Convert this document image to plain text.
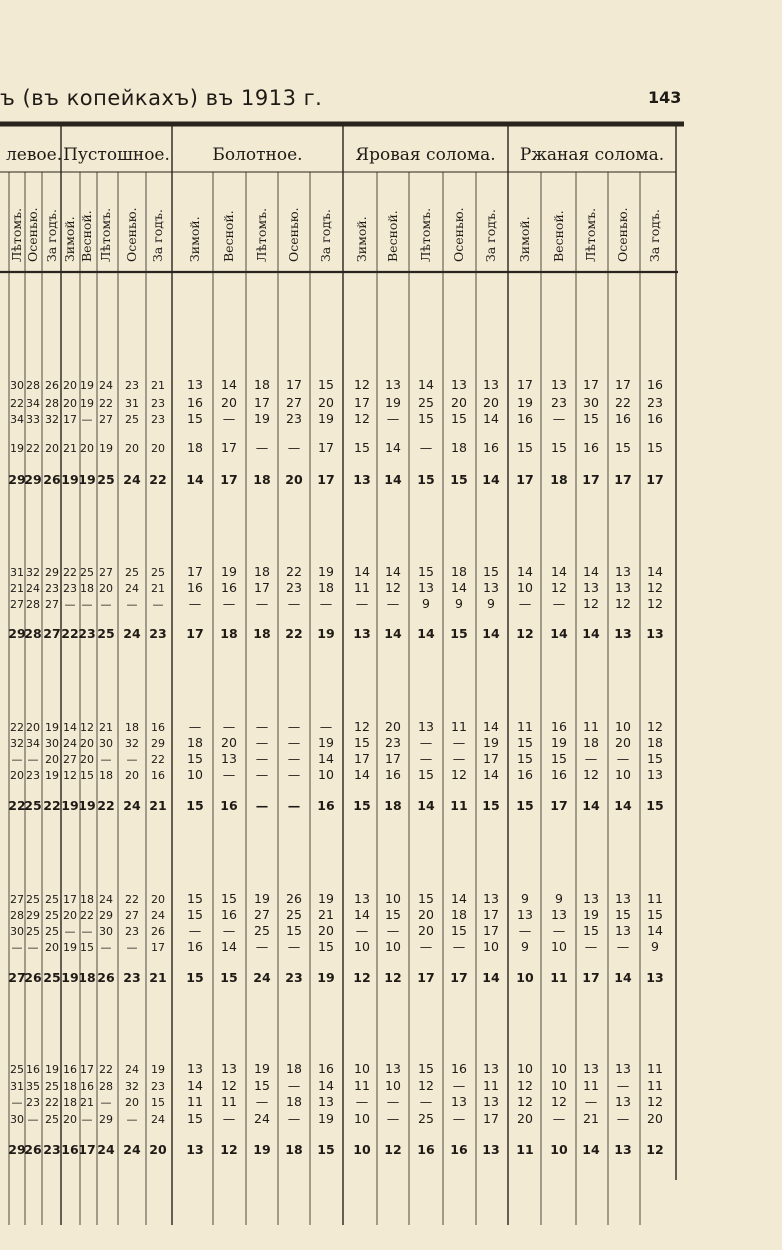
ъ (въ копейкахъ) въ 1913 г.	143
левое. Пустошное. Болотное.	Яровая солома. Ржаная солома.
Лѣтомъ. Осенью. За годъ. Зимой. Весной. Лѣтомъ. Осенью. За годъ. Зимой. Весной. Лѣтомъ. Осенью. За годъ. Зимой. Весной. Лѣтомъ. Осенью. За годъ. Зимой. Весной. Лѣтомъ. Осенью. За годъ.
30 28 26 20 19 24 23 21 13 14 18 17 15 12 13 14 13 13 17 13 17 17 16
22 34 28 20 19 22 31 23 16 20 17 27 20 17 19 25 20 20 19 23 30 22 23
34 33 32 17 — 27 25 23 15 — 19 23 19 12 — 15 15 14 16 — 15 16 16
19 22 20 21 20 19 20 20 18 17 — — 17 15 14 — 18 16 15 15 16 15 15
29
29 26 19 19 25 24 22 14 17 18 20 17 13 14 15 15 14 17 18 17 17 17
31 32 29 22 25 27 25 25 17 19 18 22 19 14 14 15 18 15 14 14 14 13 14
21 24 23 23 18 20 24 21 16 16 17 23 18 11 12 13 14 13 10 12 13 13 12
27 28 27 — — — — — — — — — — — — 9 9 9 — — 12 12 12
29
28 27 22 23 25 24 23 17 18 18 22 19 13 14 14 15 14 12 14 14 13 13
22 20 19 14 12 21 18 16 — — — — — 12 20 13 11 14 11 16 11 10 12
32 34 30 24 20 30 32 29 18 20 — — 19 15 23 — — 19 15 19 18 20 18
— — 20 27 20 — — 22 15 13 — — 14 17 17 — — 17 15 15 — — 15
20 23 19 12 15 18 20 16 10 — — — 10 14 16 15 12 14 16 16 12 10 13
22
25 22 19 19 22 24 21 15 16 — — 16 15 18 14 11 15 15 17 14 14 15
27 25 25 17 18 24 22 20 15 15 19 26 19 13 10 15 14 13 9 9 13 13 11
28 29 25 20 22 29 27 24 15 16 27 25 21 14 15 20 18 17 13 13 19 15 15
30 25 25 — — 30 23 26 — — 25 15 20 — — 20 15 17 — — 15 13 14
— — 20 19 15 — — 17 16 14 — — 15 10 10 — — 10 9 10 — — 9
27
26 25 19 18 26 23 21 15 15 24 23 19 12 12 17 17 14 10 11 17 14 13
25 16 19 16 17 22 24 19 13 13 19 18 16 10 13 15 16 13 10 10 13 13 11
31 35 25 18 16 28 32 23 14 12 15 — 14 11 10 12 — 11 12 10 11 — 11
— 23 22 18 21 — 20 15 11 11 — 18 13 — — — 13 13 12 12 — 13 12
30 — 25 20 — 29 — 24 15 — 24 — 19 10 — 25 — 17 20 — 21 — 20
29
26 23 16 17 24 24 20 13 12 19 18 15 10 12 16 16 13 11 10 14 13 12
